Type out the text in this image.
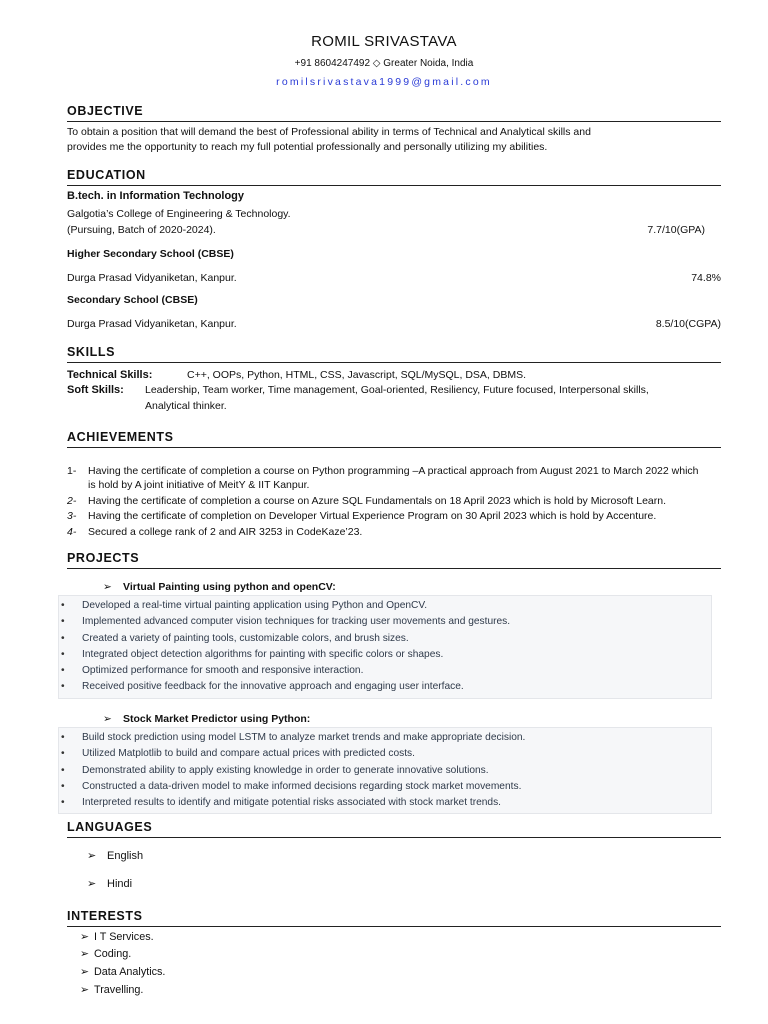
ROMIL SRIVASTAVA
+91 8604247492 ◇ Greater Noida, India
romilsrivastava1999@gmail.com
OBJECTIVE
To obtain a position that will demand the best of Professional ability in terms of Technical and Analytical skills and
provides me the opportunity to reach my full potential professionally and personally utilizing my abilities.
EDUCATION
B.tech. in Information Technology
Galgotia’s College of Engineering & Technology.
(Pursuing, Batch of 2020-2024).	7.7/10(GPA)
Higher Secondary School (CBSE)
Durga Prasad Vidyaniketan, Kanpur.	74.8%
Secondary School (CBSE)
Durga Prasad Vidyaniketan, Kanpur.	8.5/10(CGPA)
SKILLS
Technical Skills:	C++, OOPs, Python, HTML, CSS, Javascript, SQL/MySQL, DSA, DBMS.
Soft Skills: Leadership, Team worker, Time management, Goal-oriented, Resiliency, Future focused, Interpersonal skills,
Analytical thinker.
ACHIEVEMENTS
1-	Having the certificate of completion a course on Python programming –A practical approach from August 2021 to March 2022 which is hold by A joint initiative of MeitY & IIT Kanpur.
2-	Having the certificate of completion a course on Azure SQL Fundamentals on 18 April 2023 which is hold by Microsoft Learn.
3-	Having the certificate of completion on Developer Virtual Experience Program on 30 April 2023 which is hold by Accenture.
4-	Secured a college rank of 2 and AIR 3253 in CodeKaze’23.
PROJECTS
➢ Virtual Painting using python and openCV:
• Developed a real-time virtual painting application using Python and OpenCV.
• Implemented advanced computer vision techniques for tracking user movements and gestures.
• Created a variety of painting tools, customizable colors, and brush sizes.
• Integrated object detection algorithms for painting with specific colors or shapes.
• Optimized performance for smooth and responsive interaction.
• Received positive feedback for the innovative approach and engaging user interface.
➢ Stock Market Predictor using Python:
• Build stock prediction using model LSTM to analyze market trends and make appropriate decision.
• Utilized Matplotlib to build and compare actual prices with predicted costs.
• Demonstrated ability to apply existing knowledge in order to generate innovative solutions.
• Constructed a data-driven model to make informed decisions regarding stock market movements.
• Interpreted results to identify and mitigate potential risks associated with stock market trends.
LANGUAGES
➢ English
➢ Hindi
INTERESTS
➢ I T Services.
➢ Coding.
➢ Data Analytics.
➢ Travelling.
